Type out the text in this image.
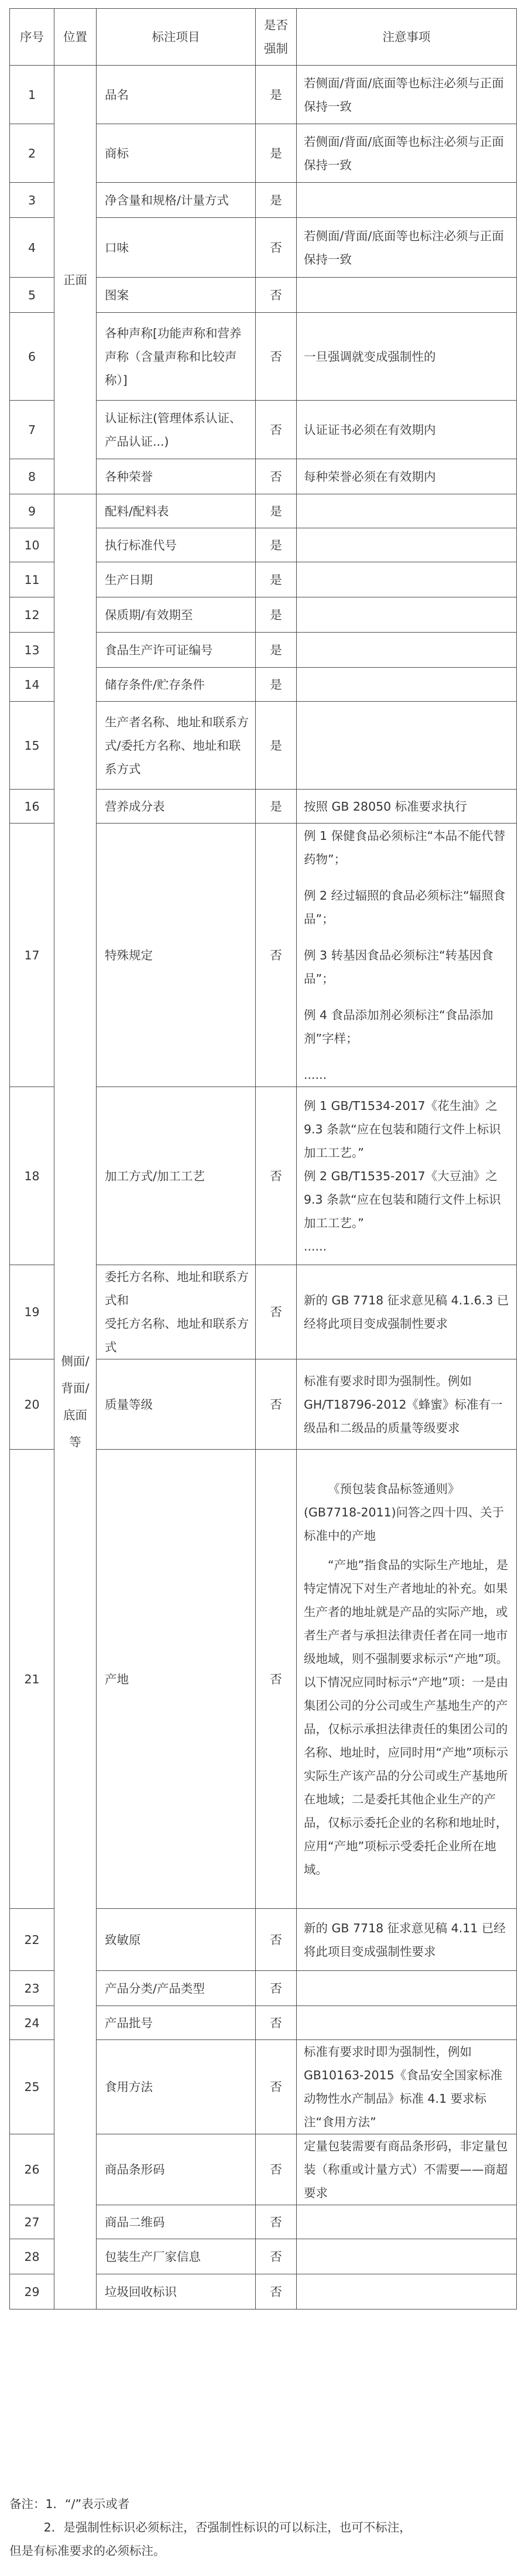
序号	位置	标注项目	是否强制	注意事项
1	正面	品名	是	若侧面/背面/底面等也标注必须与正面保持一致
2		商标	是	若侧面/背面/底面等也标注必须与正面保持一致
3		净含量和规格/计量方式	是	
4		口味	否	若侧面/背面/底面等也标注必须与正面保持一致
5		图案	否	
6		各种声称[功能声称和营养声称（含量声称和比较声称）]	否	一旦强调就变成强制性的
7		认证标注(管理体系认证、产品认证...)	否	认证证书必须在有效期内
8		各种荣誉	否	每种荣誉必须在有效期内
9	侧面/背面/底面等	配料/配料表	是	
10		执行标准代号	是	
11		生产日期	是	
12		保质期/有效期至	是	
13		食品生产许可证编号	是	
14		储存条件/贮存条件	是	
15		生产者名称、地址和联系方式/委托方名称、地址和联系方式	是	
16		营养成分表	是	按照 GB 28050 标准要求执行
17		特殊规定	否	例 1 保健食品必须标注“本品不能代替药物”；
例 2 经过辐照的食品必须标注“辐照食品”；
例 3 转基因食品必须标注“转基因食品”；
例 4 食品添加剂必须标注“食品添加剂”字样；
......

18		加工方式/加工工艺	否	例 1 GB/T1534-2017《花生油》之 9.3 条款“应在包装和随行文件上标识加工工艺。”
例 2 GB/T1535-2017《大豆油》之 9.3 条款“应在包装和随行文件上标识加工工艺。”
......

19		委托方名称、地址和联系方式和
受托方名称、地址和联系方式	否	新的 GB 7718 征求意见稿 4.1.6.3 已经将此项目变成强制性要求
20		质量等级	否	标准有要求时即为强制性。例如 GH/T18796-2012《蜂蜜》标准有一级品和二级品的质量等级要求
21		产地	否	《预包装食品标签通则》(GB7718-2011)问答之四十四、关于标准中的产地
“产地”指食品的实际生产地址，是特定情况下对生产者地址的补充。如果生产者的地址就是产品的实际产地，或者生产者与承担法律责任者在同一地市级地域，则不强制要求标示“产地”项。以下情况应同时标示“产地”项：一是由集团公司的分公司或生产基地生产的产品，仅标示承担法律责任的集团公司的名称、地址时，应同时用“产地”项标示实际生产该产品的分公司或生产基地所在地域；二是委托其他企业生产的产品，仅标示委托企业的名称和地址时，应用“产地”项标示受委托企业所在地域。

22		致敏原	否	新的 GB 7718 征求意见稿 4.11 已经将此项目变成强制性要求
23		产品分类/产品类型	否	
24		产品批号	否	
25		食用方法	否	标准有要求时即为强制性，例如 GB10163-2015《食品安全国家标准 动物性水产制品》标准 4.1 要求标注“食用方法”
26		商品条形码	否	定量包装需要有商品条形码，非定量包装（称重或计量方式）不需要——商超要求
27		商品二维码	否	
28		包装生产厂家信息	否	
29		垃圾回收标识	否	
备注：1．“/”表示或者
2．是强制性标识必须标注，否强制性标识的可以标注，也可不标注，
但是有标准要求的必须标注。
